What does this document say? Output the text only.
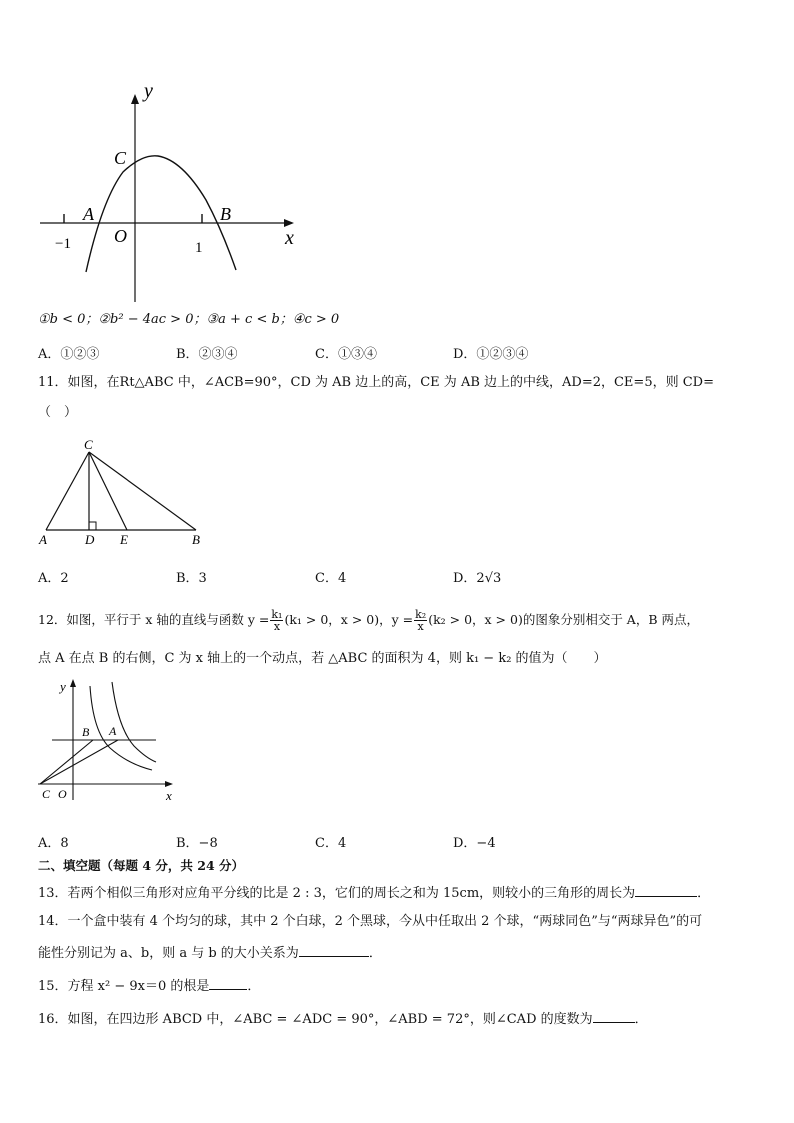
y
x
C
A	B
O
−1	1
①b < 0；②b² − 4ac > 0；③a + c < b；④c > 0
A．①②③	B．②③④	C．①③④	D．①②③④
11．如图，在Rt△ABC 中，∠ACB=90°，CD 为 AB 边上的高，CE 为 AB 边上的中线，AD=2，CE=5，则 CD=
（　）
C
A	D E	B
A．2	B．3	C．4	D．2√3
12．如图，平行于 x 轴的直线与函数 $y = \frac{\text{k₁}}{x} (k_1 > 0$，x > 0)，$y = \frac{\text{k₂}}{x} (k_2 > 0$，x > 0)的图象分别相交于 A，B 两点，
点 A 在点 B 的右侧，C 为 x 轴上的一个动点，若 △ABC 的面积为 4，则 k₁ − k₂ 的值为（　　）
y
x
B A
C O
A．8	B．−8	C．4	D．−4
二、填空题（每题 4 分，共 24 分）
13．若两个相似三角形对应角平分线的比是 2 : 3，它们的周长之和为 15cm，则较小的三角形的周长为	．
14．一个盒中装有 4 个均匀的球，其中 2 个白球，2 个黑球，今从中任取出 2 个球，“两球同色”与“两球异色”的可
能性分别记为 a、b，则 a 与 b 的大小关系为	．
15．方程 x² − 9x＝0 的根是	．
16．如图，在四边形 ABCD 中，∠ABC = ∠ADC = 90°，∠ABD = 72°，则∠CAD 的度数为	．
